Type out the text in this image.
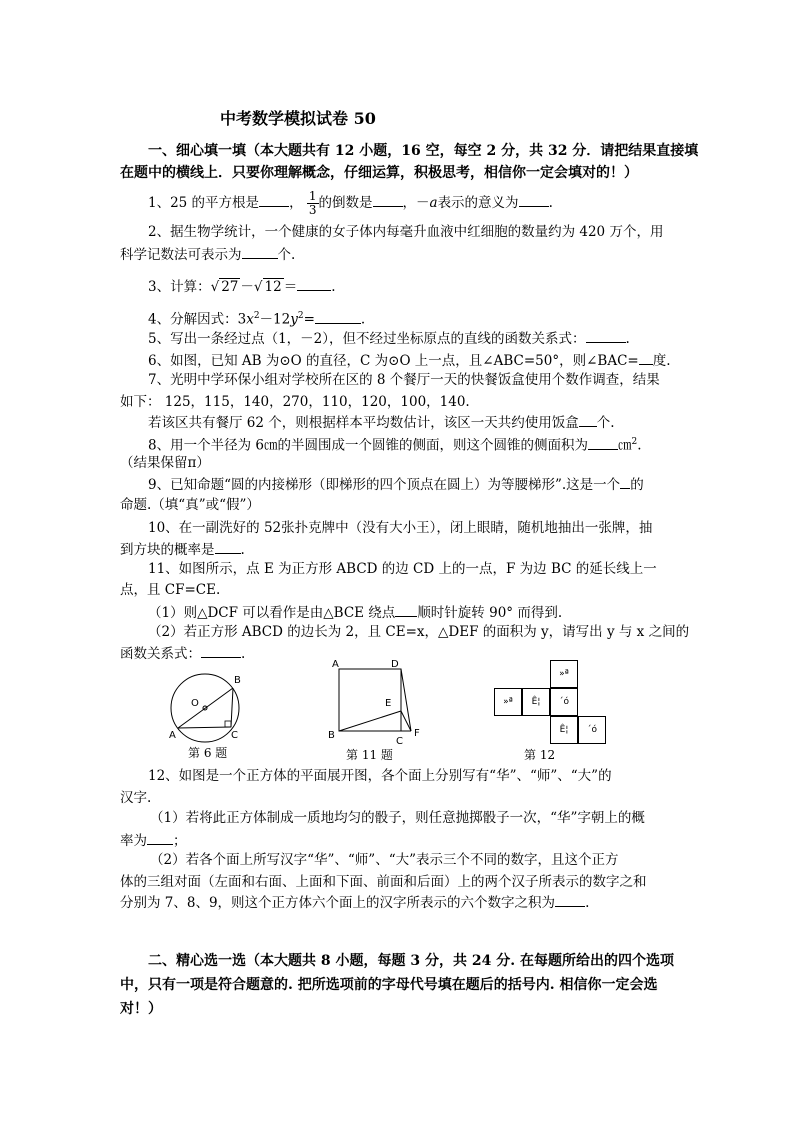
中考数学模拟试卷 50
一、细心填一填（本大题共有 12 小题，16 空，每空 2 分，共 32 分．请把结果直接填
在题中的横线上．只要你理解概念，仔细运算，积极思考，相信你一定会填对的！）
1、25 的平方根是 ， $\frac{1}{3}$ 的倒数是 ，－a表示的意义为 .
2、据生物学统计，一个健康的女子体内每毫升血液中红细胞的数量约为 420 万个，用
科学记数法可表示为	个.
3、计算：√ 27 －√ 12 ＝	.
4、分解因式：$3x^2-12y^2=$	.
5、写出一条经过点（1，－2），但不经过坐标原点的直线的函数关系式：	.
6、如图，已知 AB 为⊙O 的直径，C 为⊙O 上一点，且∠ABC=50°，则∠BAC= 度.
7、光明中学环保小组对学校所在区的 8 个餐厅一天的快餐饭盒使用个数作调查，结果
如下： 125，115，140，270，110，120，100，140.
若该区共有餐厅 62 个，则根据样本平均数估计，该区一天共约使用饭盒 个.
8、用一个半径为 6㎝的半圆围成一个圆锥的侧面，则这个圆锥的侧面积为 ㎝$^2$.
（结果保留π）
9、已知命题“圆的内接梯形（即梯形的四个顶点在圆上）为等腰梯形”.这是一个 的
命题.（填“真”或“假”）
10、在一副洗好的 52张扑克牌中（没有大小王），闭上眼睛，随机地抽出一张牌，抽
到方块的概率是 .
11、如图所示，点 E 为正方形 ABCD 的边 CD 上的一点，F 为边 BC 的延长线上一
点，且 CF=CE.
（1）则△DCF 可以看作是由△BCE 绕点 顺时针旋转 90° 而得到.
（2）若正方形 ABCD 的边长为 2，且 CE=x，△DEF 的面积为 y，请写出 y 与 x 之间的
函数关系式：	.
A
B
C
O
第 6 题
A
B
C
D
E
F
第 11 题
»ª
»ª	Ê¦	´ó
Ê¦	´ó
第 12
12、如图是一个正方体的平面展开图，各个面上分别写有“华”、“师”、“大”的
汉字.
（1）若将此正方体制成一质地均匀的骰子，则任意抛掷骰子一次，“华”字朝上的概
率为 ；
（2）若各个面上所写汉字“华”、“师”、“大”表示三个不同的数字，且这个正方
体的三组对面（左面和右面、上面和下面、前面和后面）上的两个汉子所表示的数字之和
分别为 7、8、9，则这个正方体六个面上的汉字所表示的六个数字之积为 .
二、精心选一选（本大题共 8 小题，每题 3 分，共 24 分. 在每题所给出的四个选项
中，只有一项是符合题意的. 把所选项前的字母代号填在题后的括号内. 相信你一定会选
对！）
